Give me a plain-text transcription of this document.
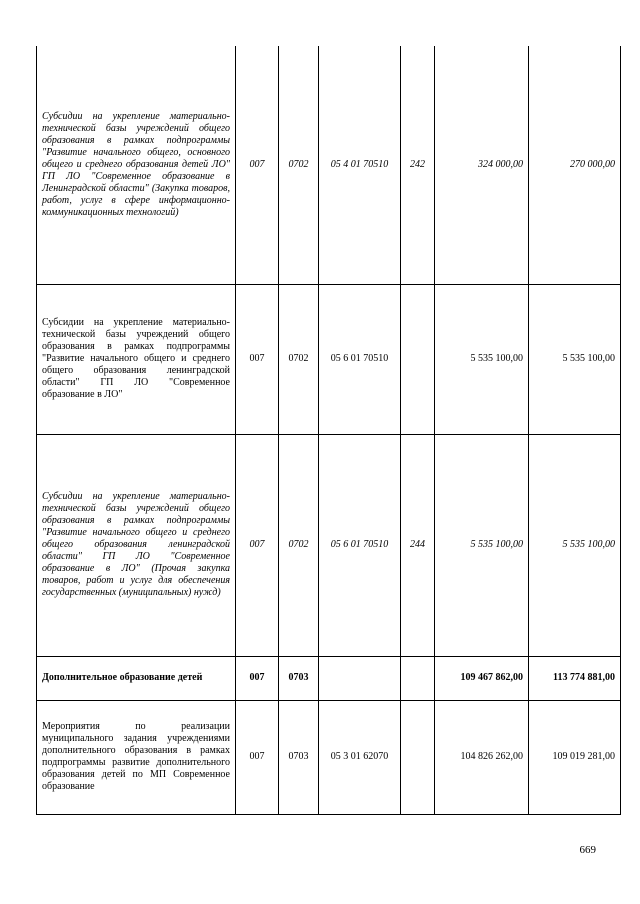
Субсидии на укрепление материально-технической базы учреждений общего образования в рамках подпрограммы "Развитие начального общего, основного общего и среднего образования детей ЛО" ГП ЛО "Современное образование в Ленинградской области" (Закупка товаров, работ, услуг в сфере информационно-коммуникационных технологий)	007	0702	05 4 01 70510	242	324 000,00	270 000,00
Субсидии на укрепление материально-технической базы учреждений общего образования в рамках подпрограммы "Развитие начального общего и среднего общего образования ленинградской области" ГП ЛО "Современное образование в ЛО"	007	0702	05 6 01 70510		5 535 100,00	5 535 100,00
Субсидии на укрепление материально-технической базы учреждений общего образования в рамках подпрограммы "Развитие начального общего и среднего общего образования ленинградской области" ГП ЛО "Современное образование в ЛО" (Прочая закупка товаров, работ и услуг для обеспечения государственных (муниципальных) нужд)	007	0702	05 6 01 70510	244	5 535 100,00	5 535 100,00
Дополнительное образование детей	007	0703			109 467 862,00	113 774 881,00
Мероприятия по реализации муниципального задания учреждениями дополнительного образования в рамках подпрограммы развитие дополнительного образования детей по МП Современное образование	007	0703	05 3 01 62070		104 826 262,00	109 019 281,00
669
